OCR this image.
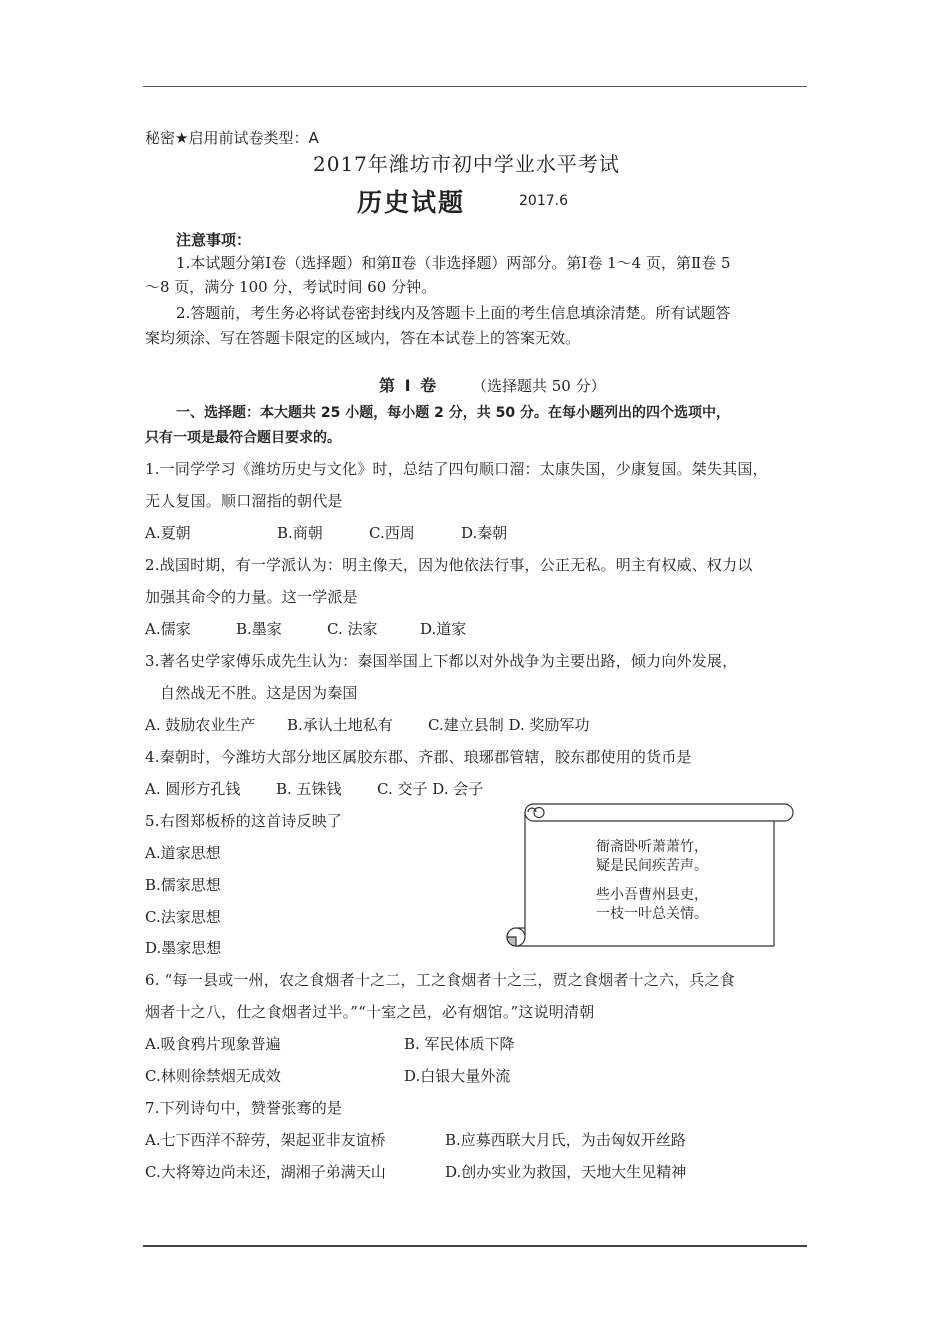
秘密★启用前试卷类型：A
2017年潍坊市初中学业水平考试
历史试题	2017.6
注意事项：
1.本试题分第Ⅰ卷（选择题）和第Ⅱ卷（非选择题）两部分。第Ⅰ卷 1～4 页，第Ⅱ卷 5
～8 页，满分 100 分，考试时间 60 分钟。
2.答题前，考生务必将试卷密封线内及答题卡上面的考生信息填涂清楚。所有试题答
案均须涂、写在答题卡限定的区域内，答在本试卷上的答案无效。
第 Ⅰ 卷 （选择题共 50 分）
一、选择题：本大题共 25 小题，每小题 2 分，共 50 分。在每小题列出的四个选项中，
只有一项是最符合题目要求的。
1.一同学学习《潍坊历史与文化》时，总结了四句顺口溜：太康失国，少康复国。桀失其国，
无人复国。顺口溜指的朝代是
A.夏朝	B.商朝	C.西周	D.秦朝
2.战国时期，有一学派认为：明主像天，因为他依法行事，公正无私。明主有权威、权力以
加强其命令的力量。这一学派是
A.儒家	B.墨家	C. 法家	D.道家
3.著名史学家傅乐成先生认为：秦国举国上下都以对外战争为主要出路，倾力向外发展，
自然战无不胜。这是因为秦国
A. 鼓励农业生产 B.承认土地私有 C.建立县制 D. 奖励军功
4.秦朝时，今潍坊大部分地区属胶东郡、齐郡、琅琊郡管辖，胶东郡使用的货币是
A. 圆形方孔钱 B. 五铢钱 C. 交子 D. 会子
5.右图郑板桥的这首诗反映了
A.道家思想
B.儒家思想
C.法家思想
D.墨家思想
衙斋卧听萧萧竹，
疑是民间疾苦声。
些小吾曹州县吏，
一枝一叶总关情。
6. “每一县或一州，农之食烟者十之二，工之食烟者十之三，贾之食烟者十之六，兵之食
烟者十之八，仕之食烟者过半。”“十室之邑，必有烟馆。”这说明清朝
A.吸食鸦片现象普遍	B. 军民体质下降
C.林则徐禁烟无成效	D.白银大量外流
7.下列诗句中，赞誉张骞的是
A.七下西洋不辞劳，架起亚非友谊桥	B.应募西联大月氏，为击匈奴开丝路
C.大将筹边尚未还，湖湘子弟满天山	D.创办实业为救国，天地大生见精神
